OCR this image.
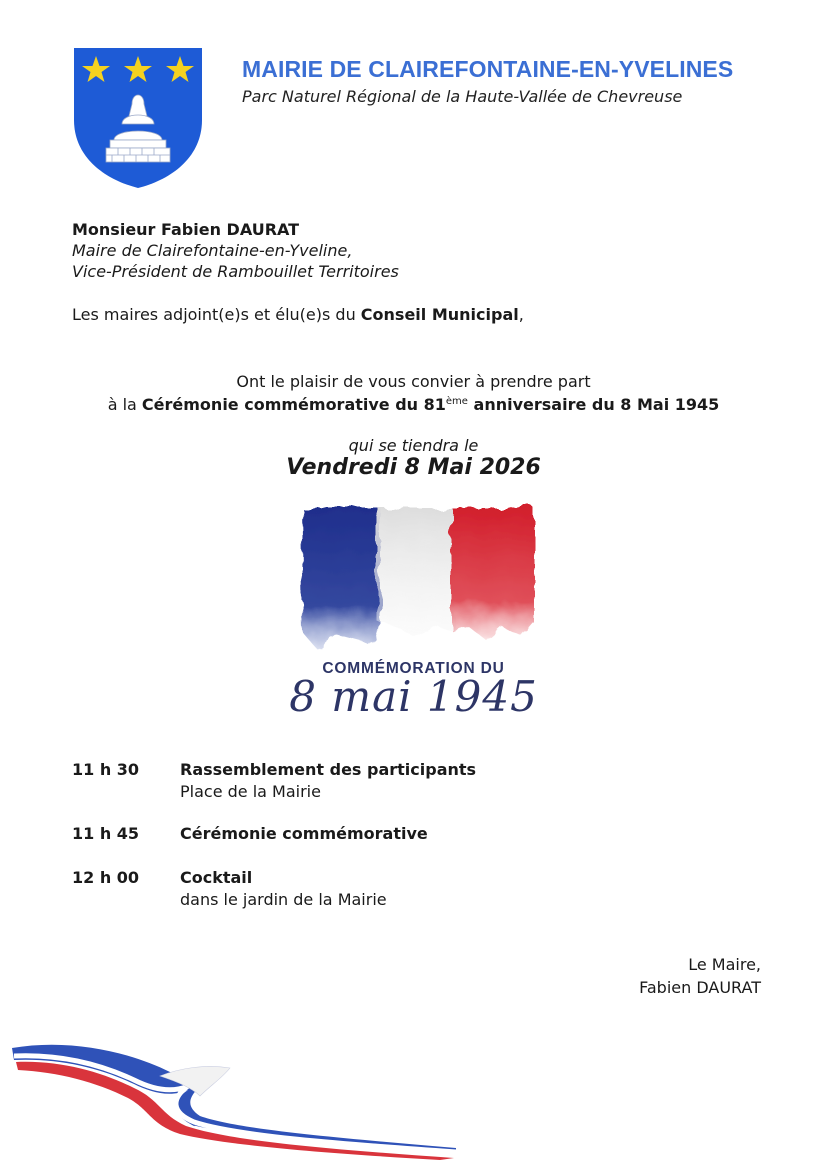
MAIRIE DE CLAIREFONTAINE-EN-YVELINES
Parc Naturel Régional de la Haute-Vallée de Chevreuse
Monsieur Fabien DAURAT
Maire de Clairefontaine-en-Yveline,
Vice-Président de Rambouillet Territoires
Les maires adjoint(e)s et élu(e)s du Conseil Municipal,
Ont le plaisir de vous convier à prendre part
à la Cérémonie commémorative du 81ème anniversaire du 8 Mai 1945
qui se tiendra le
Vendredi 8 Mai 2026
COMMÉMORATION DU
8 mai 1945
11 h 30	Rassemblement des participants
Place de la Mairie
11 h 45	Cérémonie commémorative
12 h 00	Cocktail
dans le jardin de la Mairie
Le Maire,
Fabien DAURAT
